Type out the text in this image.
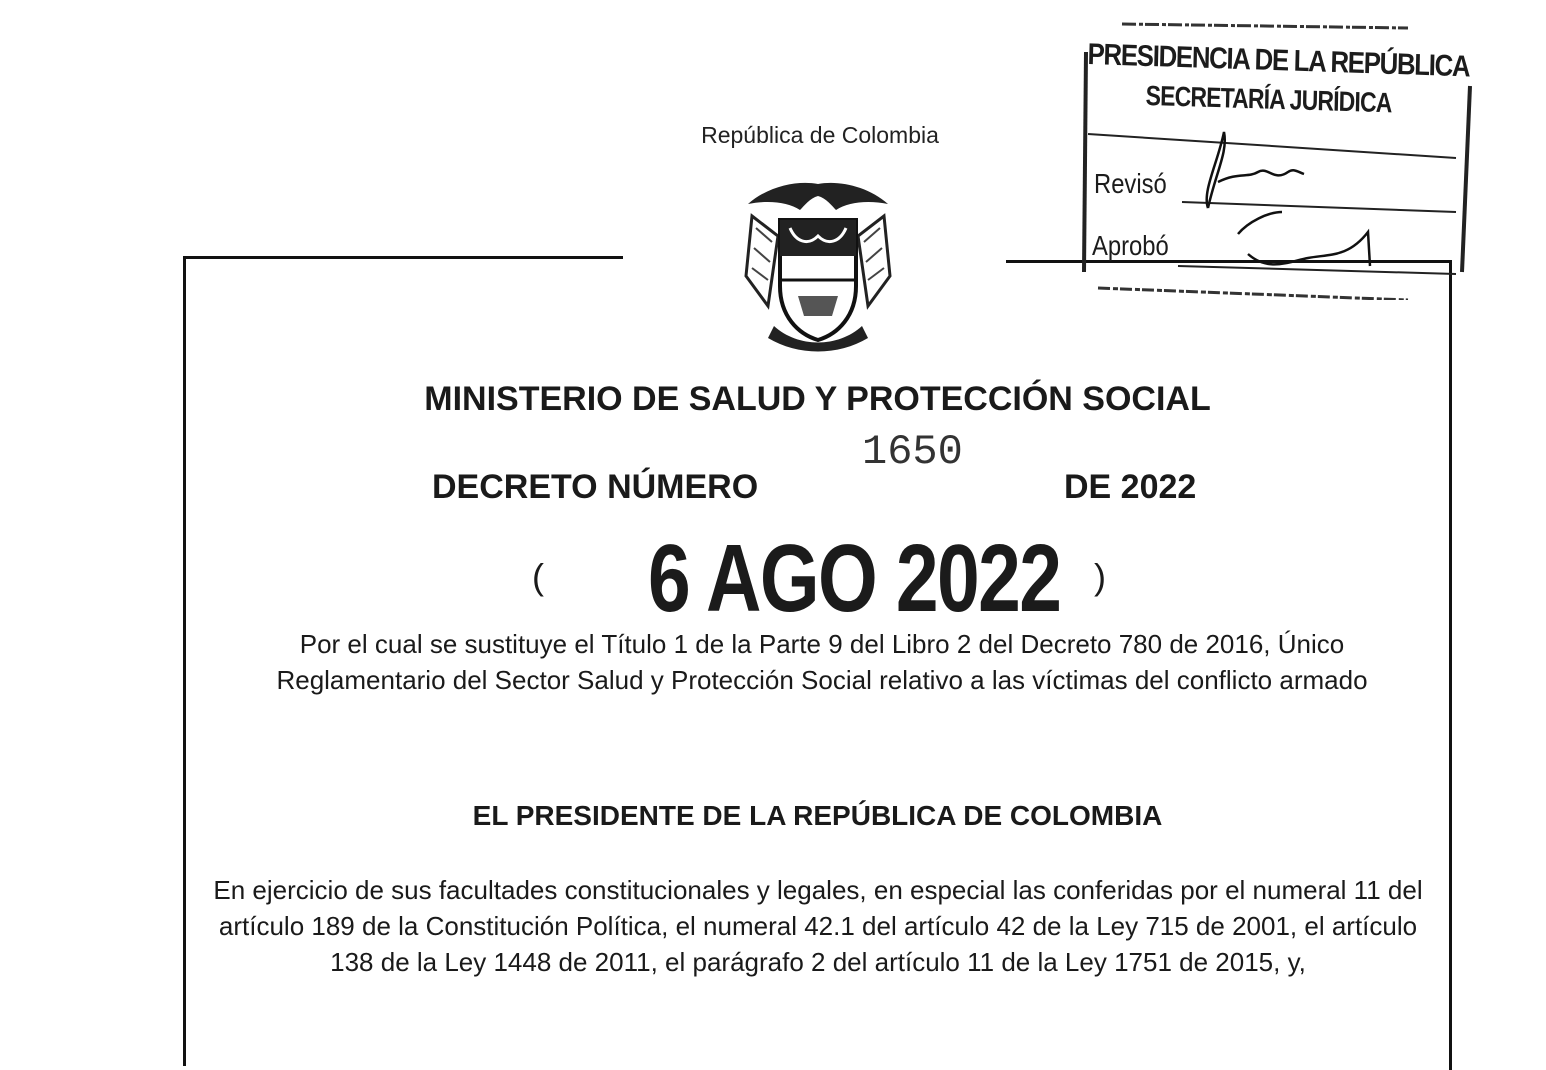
República de Colombia
PRESIDENCIA DE LA REPÚBLICA
SECRETARÍA JURÍDICA
Revisó
Aprobó
MINISTERIO DE SALUD Y PROTECCIÓN SOCIAL
1650
DECRETO NÚMERO	DE 2022
( 6 AGO 2022 )
Por el cual se sustituye el Título 1 de la Parte 9 del Libro 2 del Decreto 780 de 2016, Único Reglamentario del Sector Salud y Protección Social relativo a las víctimas del conflicto armado
EL PRESIDENTE DE LA REPÚBLICA DE COLOMBIA
En ejercicio de sus facultades constitucionales y legales, en especial las conferidas por el numeral 11 del artículo 189 de la Constitución Política, el numeral 42.1 del artículo 42 de la Ley 715 de 2001, el artículo 138 de la Ley 1448 de 2011, el parágrafo 2 del artículo 11 de la Ley 1751 de 2015, y,
